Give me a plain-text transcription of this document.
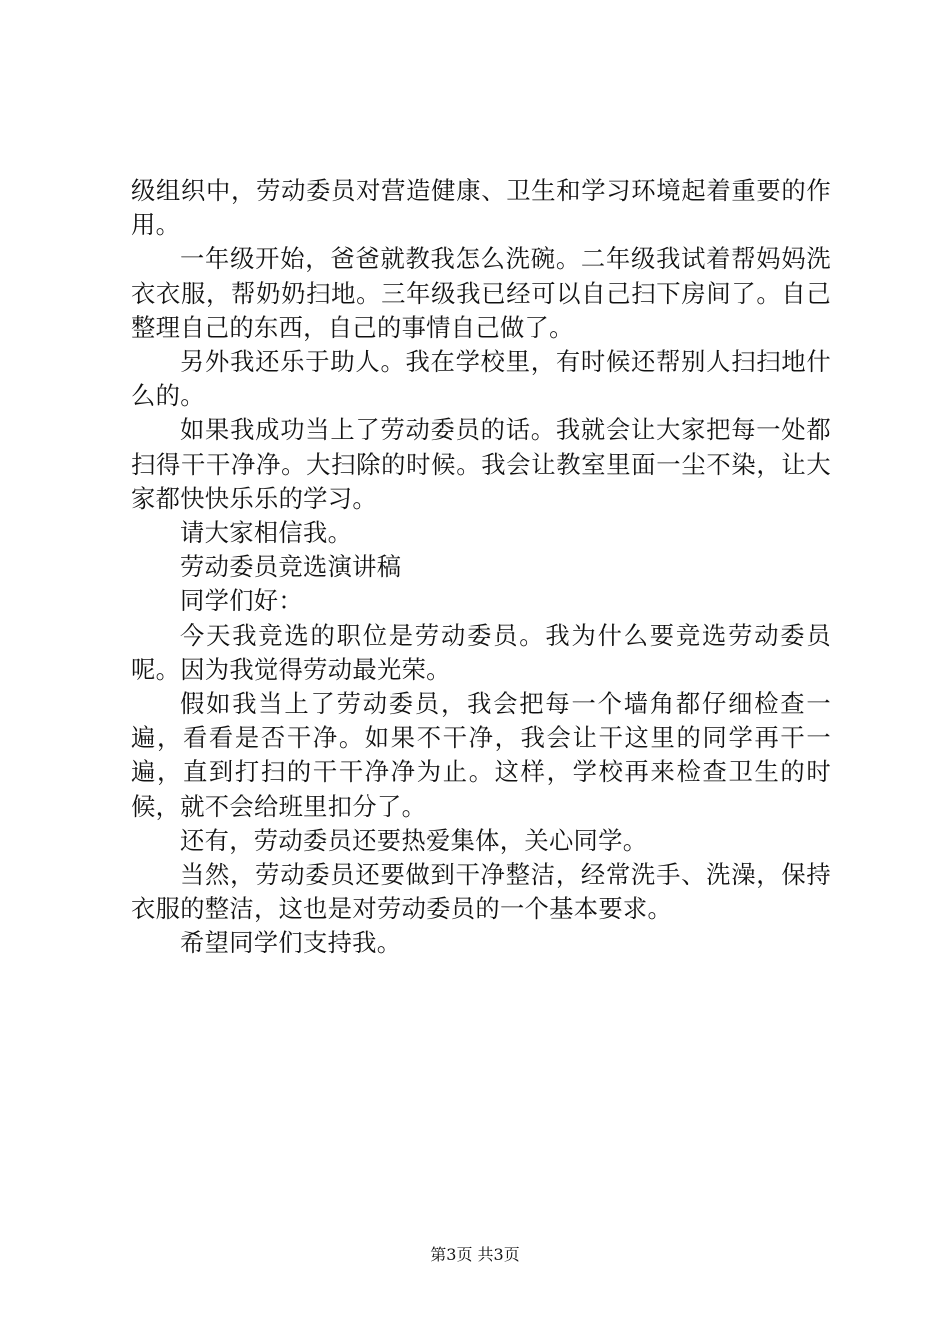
级组织中，劳动委员对营造健康、卫生和学习环境起着重要的作用。

一年级开始，爸爸就教我怎么洗碗。二年级我试着帮妈妈洗衣衣服，帮奶奶扫地。三年级我已经可以自己扫下房间了。自己整理自己的东西，自己的事情自己做了。

另外我还乐于助人。我在学校里，有时候还帮别人扫扫地什么的。

如果我成功当上了劳动委员的话。我就会让大家把每一处都扫得干干净净。大扫除的时候。我会让教室里面一尘不染，让大家都快快乐乐的学习。

请大家相信我。

劳动委员竞选演讲稿

同学们好：

今天我竞选的职位是劳动委员。我为什么要竞选劳动委员呢。因为我觉得劳动最光荣。

假如我当上了劳动委员，我会把每一个墙角都仔细检查一遍，看看是否干净。如果不干净，我会让干这里的同学再干一遍，直到打扫的干干净净为止。这样，学校再来检查卫生的时候，就不会给班里扣分了。

还有，劳动委员还要热爱集体，关心同学。

当然，劳动委员还要做到干净整洁，经常洗手、洗澡，保持衣服的整洁，这也是对劳动委员的一个基本要求。

希望同学们支持我。

第3页 共3页
